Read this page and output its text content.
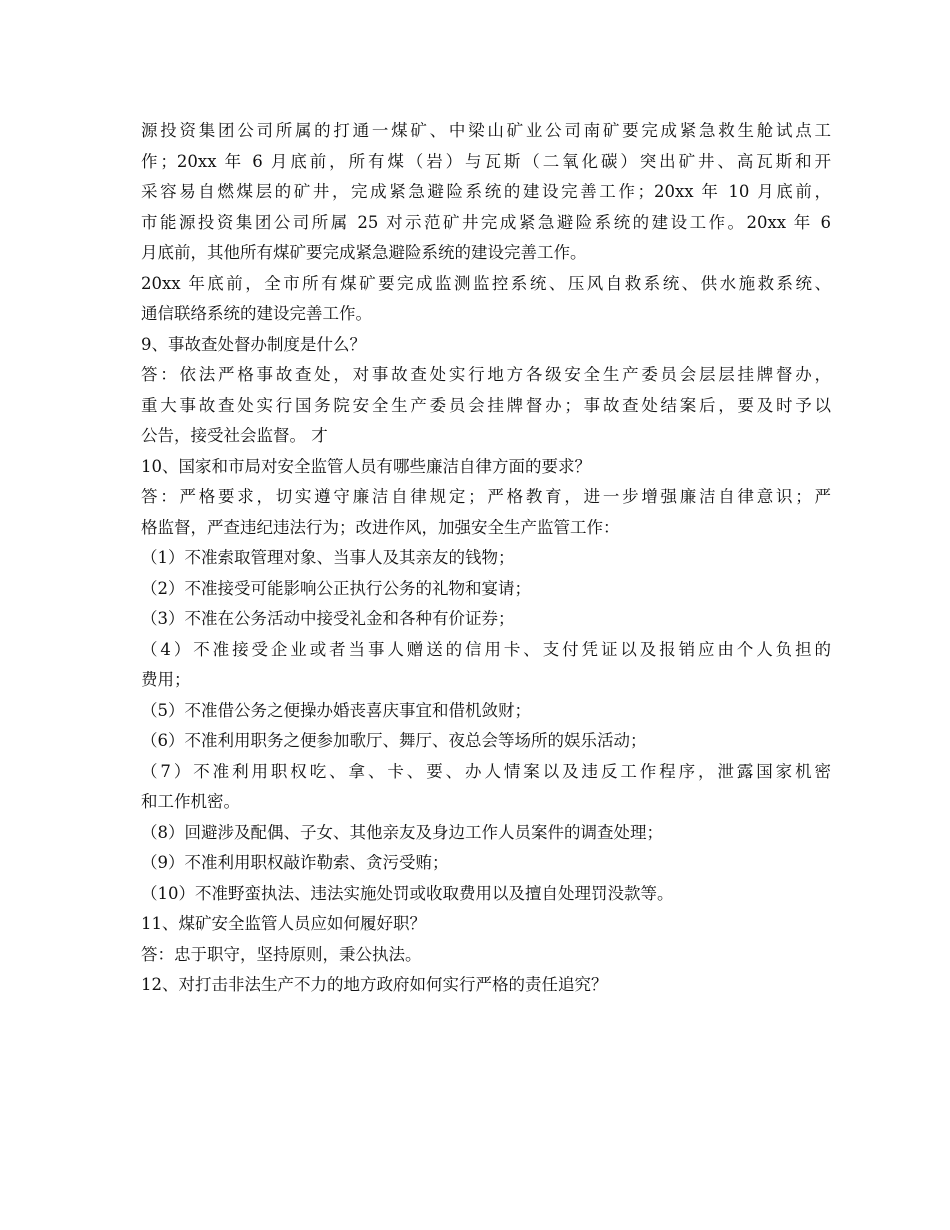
源投资集团公司所属的打通一煤矿、中梁山矿业公司南矿要完成紧急救生舱试点工
作；20xx 年 6 月底前，所有煤（岩）与瓦斯（二氧化碳）突出矿井、高瓦斯和开
采容易自燃煤层的矿井，完成紧急避险系统的建设完善工作；20xx 年 10 月底前，
市能源投资集团公司所属 25 对示范矿井完成紧急避险系统的建设工作。20xx 年 6
月底前，其他所有煤矿要完成紧急避险系统的建设完善工作。
20xx 年底前，全市所有煤矿要完成监测监控系统、压风自救系统、供水施救系统、
通信联络系统的建设完善工作。
9、事故查处督办制度是什么？
答：依法严格事故查处，对事故查处实行地方各级安全生产委员会层层挂牌督办，
重大事故查处实行国务院安全生产委员会挂牌督办；事故查处结案后，要及时予以
公告，接受社会监督。 才
10、国家和市局对安全监管人员有哪些廉洁自律方面的要求？
答：严格要求，切实遵守廉洁自律规定；严格教育，进一步增强廉洁自律意识；严
格监督，严查违纪违法行为；改进作风，加强安全生产监管工作：
（1）不准索取管理对象、当事人及其亲友的钱物；
（2）不准接受可能影响公正执行公务的礼物和宴请；
（3）不准在公务活动中接受礼金和各种有价证券；
（4）不准接受企业或者当事人赠送的信用卡、支付凭证以及报销应由个人负担的
费用；
（5）不准借公务之便操办婚丧喜庆事宜和借机敛财；
（6）不准利用职务之便参加歌厅、舞厅、夜总会等场所的娱乐活动；
（7）不准利用职权吃、拿、卡、要、办人情案以及违反工作程序，泄露国家机密
和工作机密。
（8）回避涉及配偶、子女、其他亲友及身边工作人员案件的调查处理；
（9）不准利用职权敲诈勒索、贪污受贿；
（10）不准野蛮执法、违法实施处罚或收取费用以及擅自处理罚没款等。
11、煤矿安全监管人员应如何履好职？
答：忠于职守，坚持原则，秉公执法。
12、对打击非法生产不力的地方政府如何实行严格的责任追究？
